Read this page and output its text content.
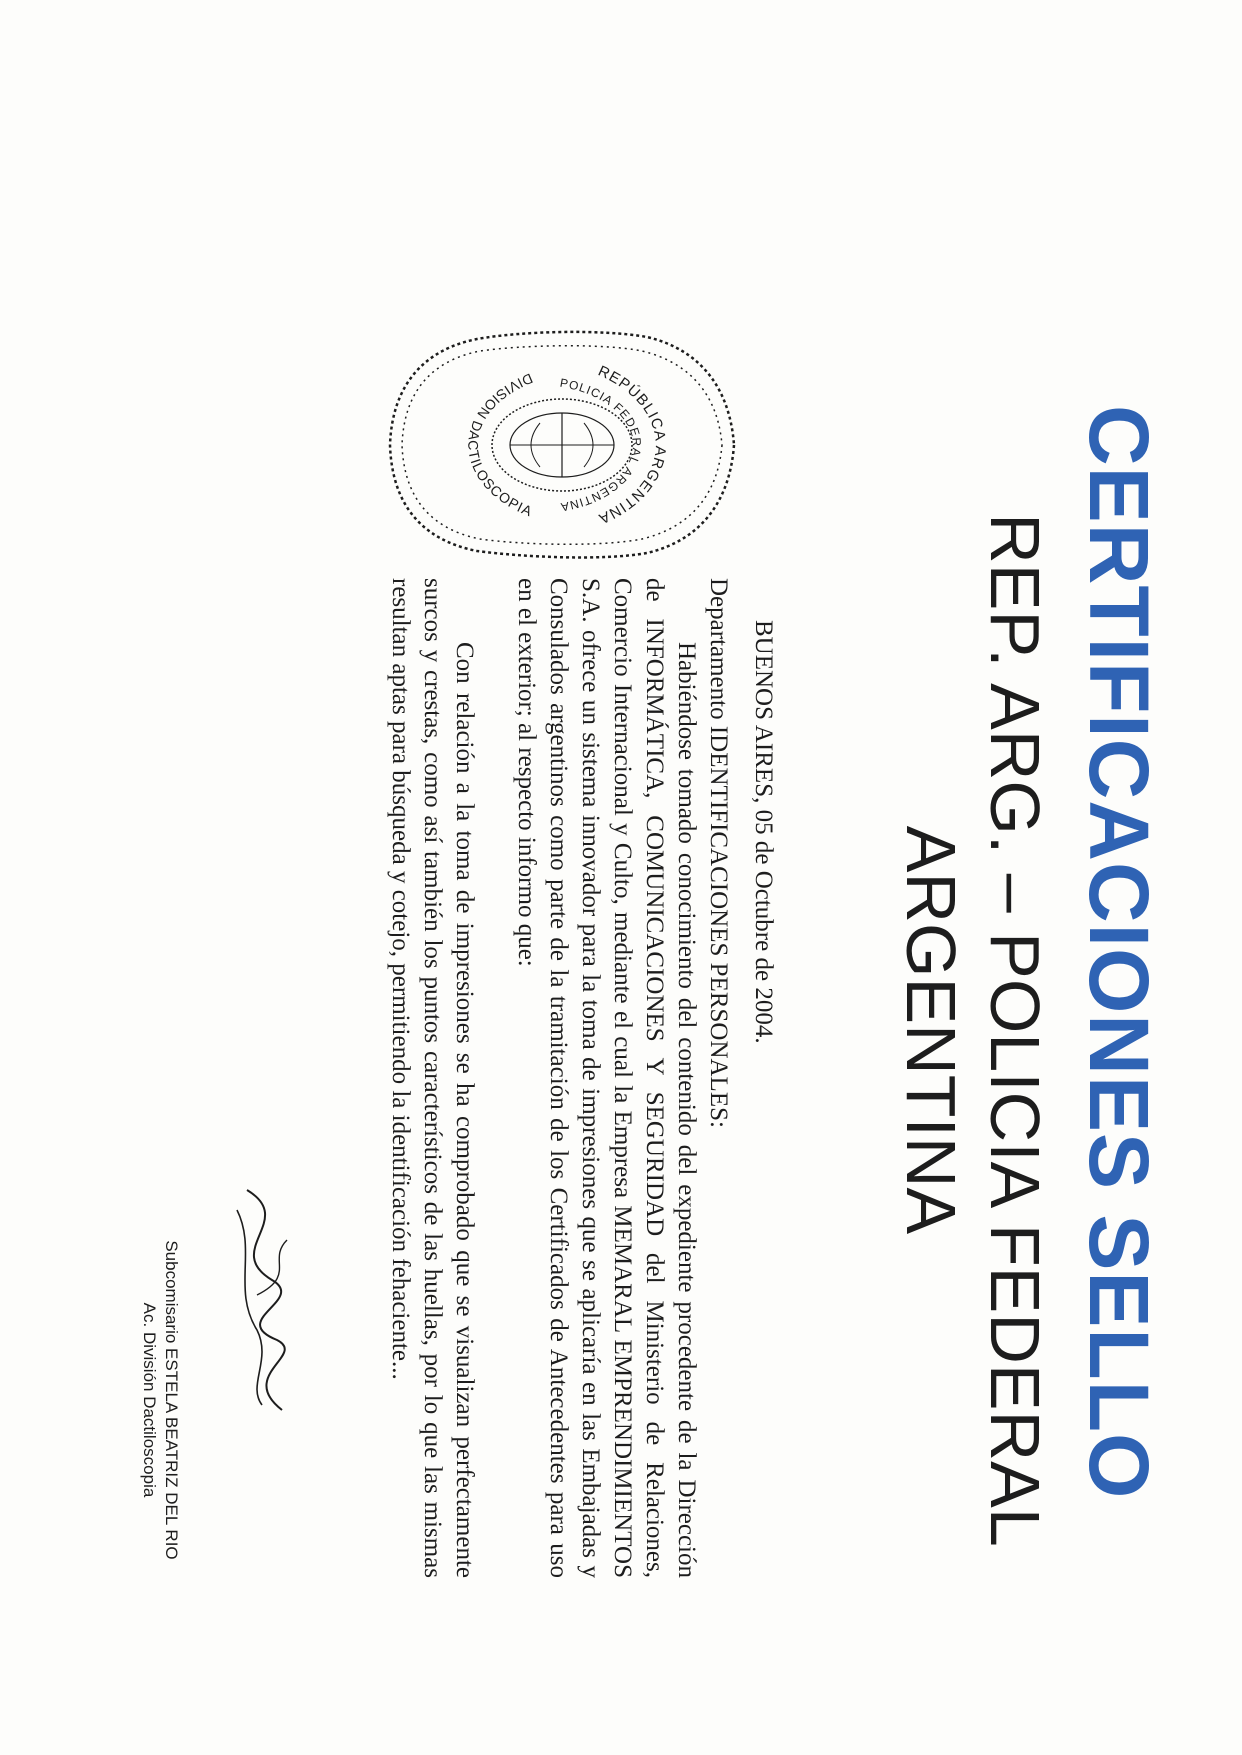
CERTIFICACIONES SELLO
REP. ARG. – POLICIA FEDERAL ARGENTINA
REPÚBLICA ARGENTINA
POLICIA FEDERAL ARGENTINA
DIVISION DACTILOSCOPIA
BUENOS AIRES, 05 de Octubre de 2004.

Departamento IDENTIFICACIONES PERSONALES:

Habiéndose tomado conocimiento del contenido del expediente procedente de la Dirección de INFORMÁTICA, COMUNICACIONES Y SEGURIDAD del Ministerio de Relaciones, Comercio Internacional y Culto, mediante el cual la Empresa MEMARAL EMPRENDIMIENTOS S.A. ofrece un sistema innovador para la toma de impresiones que se aplicaría en las Embajadas y Consulados argentinos como parte de la tramitación de los Certificados de Antecedentes para uso en el exterior; al respecto informo que:

Con relación a la toma de impresiones se ha comprobado que se visualizan perfectamente surcos y crestas, como así también los puntos característicos de las huellas, por lo que las mismas resultan aptas para búsqueda y cotejo, permitiendo la identificación fehaciente...

Subcomisario ESTELA BEATRIZ DEL RIO
Ac. División Dactiloscopia
